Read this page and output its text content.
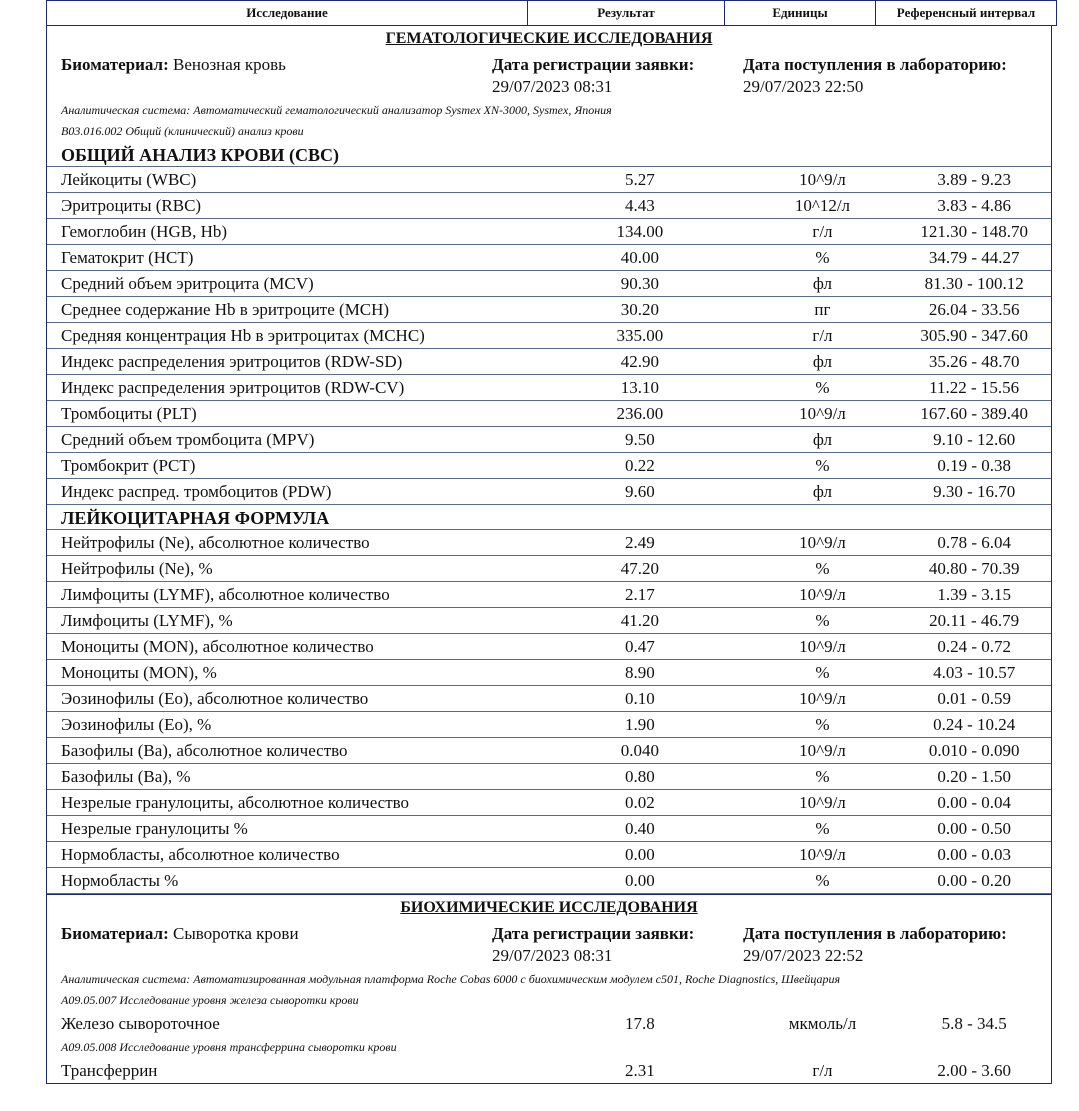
Исследование	Результат	Единицы	Референсный интервал
ГЕМАТОЛОГИЧЕСКИЕ ИССЛЕДОВАНИЯ
Биоматериал: Венозная кровь	Дата регистрации заявки:
29/07/2023 08:31
Дата поступления в лабораторию:
29/07/2023 22:50
Аналитическая система: Автоматический гематологический анализатор Sysmex XN-3000, Sysmex, Япония
В03.016.002 Общий (клинический) анализ крови
ОБЩИЙ АНАЛИЗ КРОВИ (СВС)
Лейкоциты (WBC)	5.27	10^9/л	3.89 - 9.23
Эритроциты (RBC)	4.43	10^12/л	3.83 - 4.86
Гемоглобин (HGB, Hb)	134.00	г/л	121.30 - 148.70
Гематокрит (HCT)	40.00	%	34.79 - 44.27
Средний объем эритроцита (MCV)	90.30	фл	81.30 - 100.12
Среднее содержание Hb в эритроците (MCH)	30.20	пг	26.04 - 33.56
Средняя концентрация Hb в эритроцитах (MCHC)	335.00	г/л	305.90 - 347.60
Индекс распределения эритроцитов (RDW-SD)	42.90	фл	35.26 - 48.70
Индекс распределения эритроцитов (RDW-CV)	13.10	%	11.22 - 15.56
Тромбоциты (PLT)	236.00	10^9/л	167.60 - 389.40
Средний объем тромбоцита (MPV)	9.50	фл	9.10 - 12.60
Тромбокрит (PCT)	0.22	%	0.19 - 0.38
Индекс распред. тромбоцитов (PDW)	9.60	фл	9.30 - 16.70
ЛЕЙКОЦИТАРНАЯ ФОРМУЛА
Нейтрофилы (Ne), абсолютное количество	2.49	10^9/л	0.78 - 6.04
Нейтрофилы (Ne), %	47.20	%	40.80 - 70.39
Лимфоциты (LYMF), абсолютное количество	2.17	10^9/л	1.39 - 3.15
Лимфоциты (LYMF), %	41.20	%	20.11 - 46.79
Моноциты (MON), абсолютное количество	0.47	10^9/л	0.24 - 0.72
Моноциты (MON), %	8.90	%	4.03 - 10.57
Эозинофилы (Eo), абсолютное количество	0.10	10^9/л	0.01 - 0.59
Эозинофилы (Eo), %	1.90	%	0.24 - 10.24
Базофилы (Ba), абсолютное количество	0.040	10^9/л	0.010 - 0.090
Базофилы (Ba), %	0.80	%	0.20 - 1.50
Незрелые гранулоциты, абсолютное количество	0.02	10^9/л	0.00 - 0.04
Незрелые гранулоциты %	0.40	%	0.00 - 0.50
Нормобласты, абсолютное количество	0.00	10^9/л	0.00 - 0.03
Нормобласты %	0.00	%	0.00 - 0.20
БИОХИМИЧЕСКИЕ ИССЛЕДОВАНИЯ
Биоматериал: Сыворотка крови	Дата регистрации заявки:
29/07/2023 08:31
Дата поступления в лабораторию:
29/07/2023 22:52
Аналитическая система: Автоматизированная модульная платформа Roche Cobas 6000 с биохимическим модулем c501, Roche Diagnostics, Швейцария
А09.05.007 Исследование уровня железа сыворотки крови
Железо сывороточное	17.8	мкмоль/л	5.8 - 34.5
А09.05.008 Исследование уровня трансферрина сыворотки крови
Трансферрин	2.31	г/л	2.00 - 3.60
